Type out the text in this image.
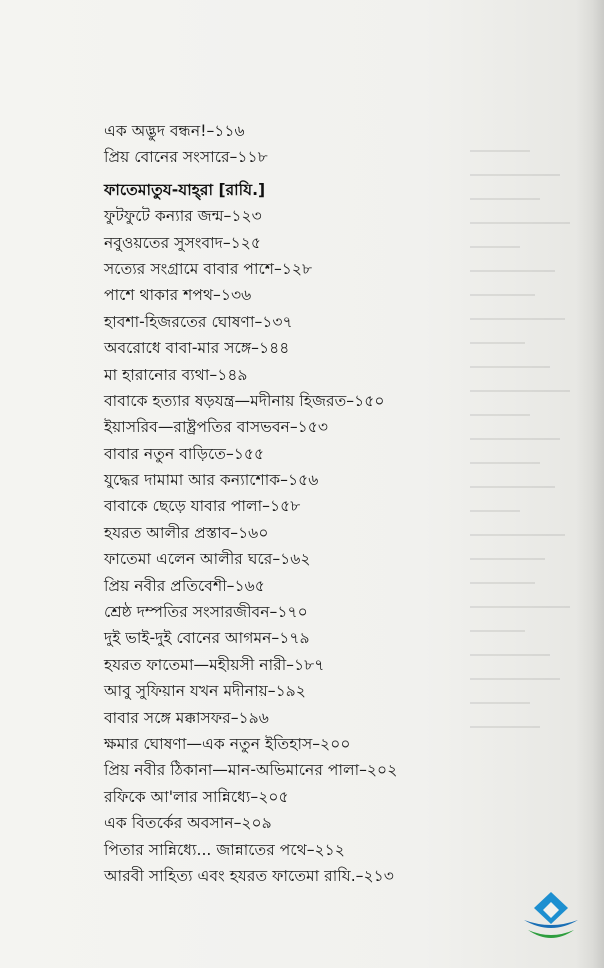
এক অদ্ভুদ বন্ধন!–১১৬
প্রিয় বোনের সংসারে–১১৮
ফাতেমাতুয-যাহ্‌রা [রাযি.]
ফুটফুটে কন্যার জন্ম–১২৩
নবুওয়তের সুসংবাদ–১২৫
সত্যের সংগ্রামে বাবার পাশে–১২৮
পাশে থাকার শপথ–১৩৬
হাবশা-হিজরতের ঘোষণা–১৩৭
অবরোধে বাবা-মার সঙ্গে–১৪৪
মা হারানোর ব্যথা–১৪৯
বাবাকে হত্যার ষড়যন্ত্র—মদীনায় হিজরত–১৫০
ইয়াসরিব—রাষ্ট্রপতির বাসভবন–১৫৩
বাবার নতুন বাড়িতে–১৫৫
যুদ্ধের দামামা আর কন্যাশোক–১৫৬
বাবাকে ছেড়ে যাবার পালা–১৫৮
হযরত আলীর প্রস্তাব–১৬০
ফাতেমা এলেন আলীর ঘরে–১৬২
প্রিয় নবীর প্রতিবেশী–১৬৫
শ্রেষ্ঠ দম্পতির সংসারজীবন–১৭০
দুই ভাই-দুই বোনের আগমন–১৭৯
হযরত ফাতেমা—মহীয়সী নারী–১৮৭
আবু সুফিয়ান যখন মদীনায়–১৯২
বাবার সঙ্গে মক্কাসফর–১৯৬
ক্ষমার ঘোষণা—এক নতুন ইতিহাস–২০০
প্রিয় নবীর ঠিকানা—মান-অভিমানের পালা–২০২
রফিকে আ'লার সান্নিধ্যে–২০৫
এক বিতর্কের অবসান–২০৯
পিতার সান্নিধ্যে... জান্নাতের পথে–২১২
আরবী সাহিত্য এবং হযরত ফাতেমা রাযি.–২১৩
